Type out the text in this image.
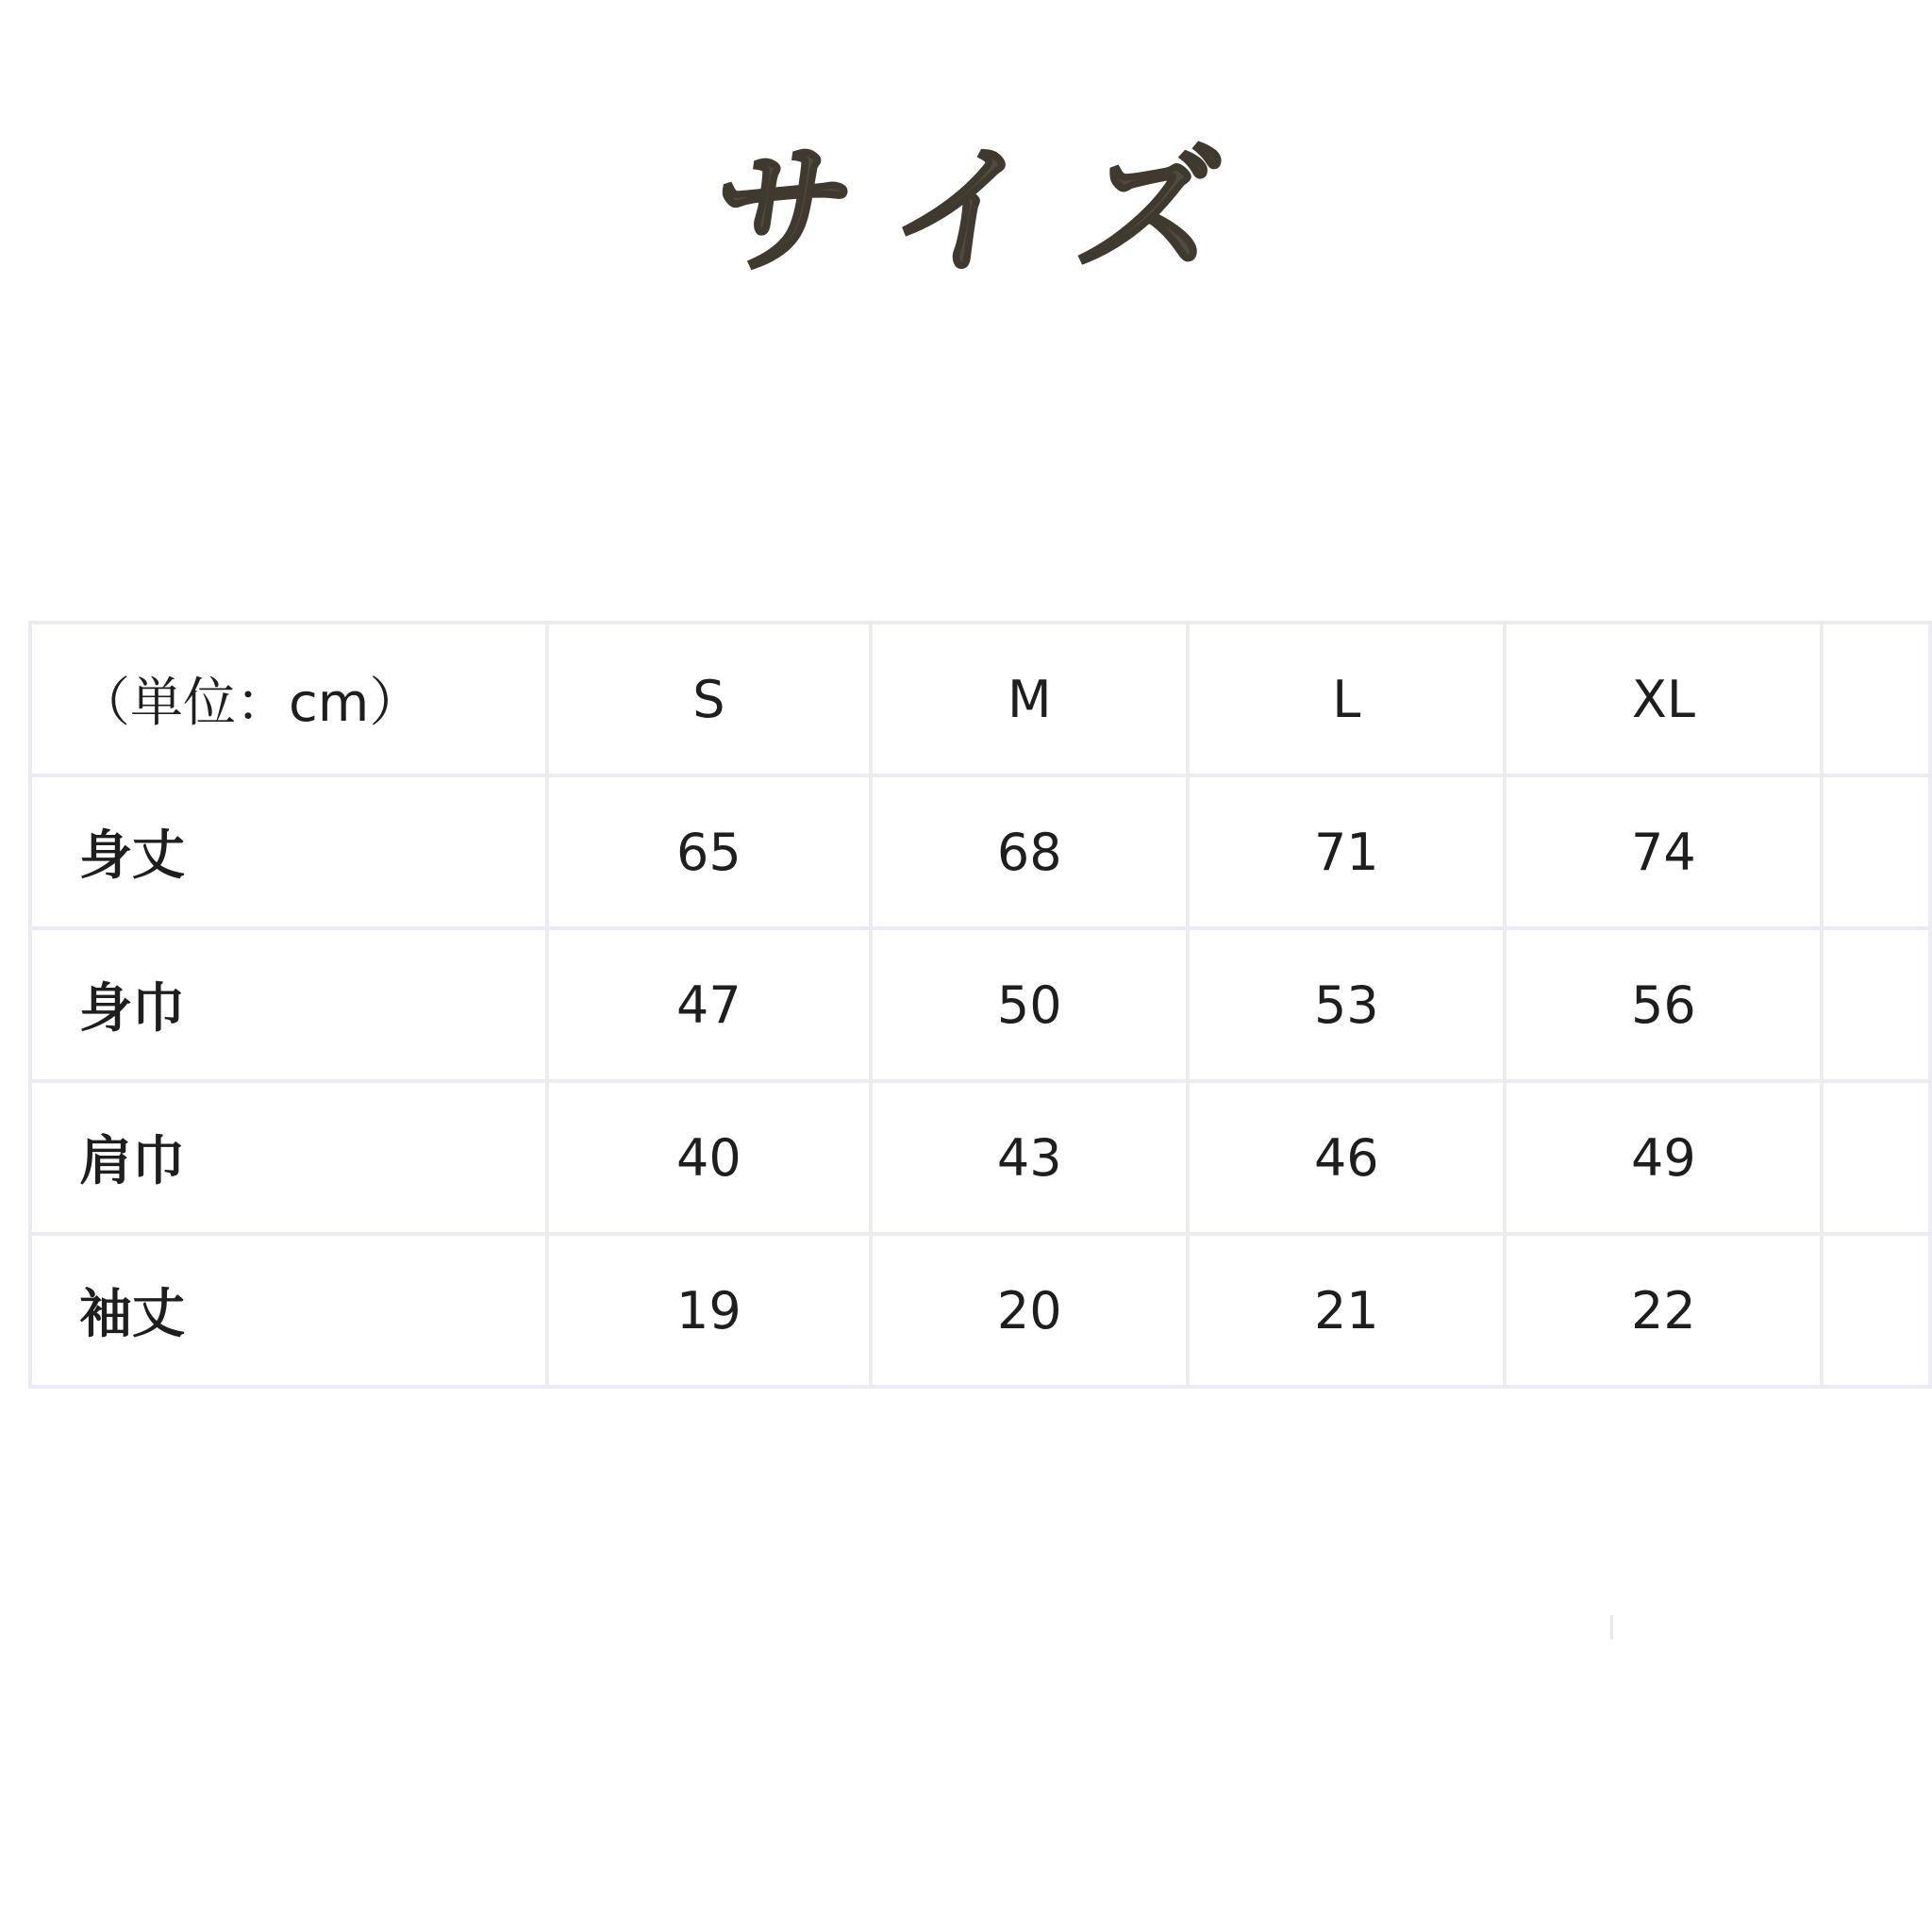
サイズ
（単位：cm）	S	M	L	XL	
身丈	65	68	71	74	
身巾	47	50	53	56	
肩巾	40	43	46	49	
袖丈	19	20	21	22	
